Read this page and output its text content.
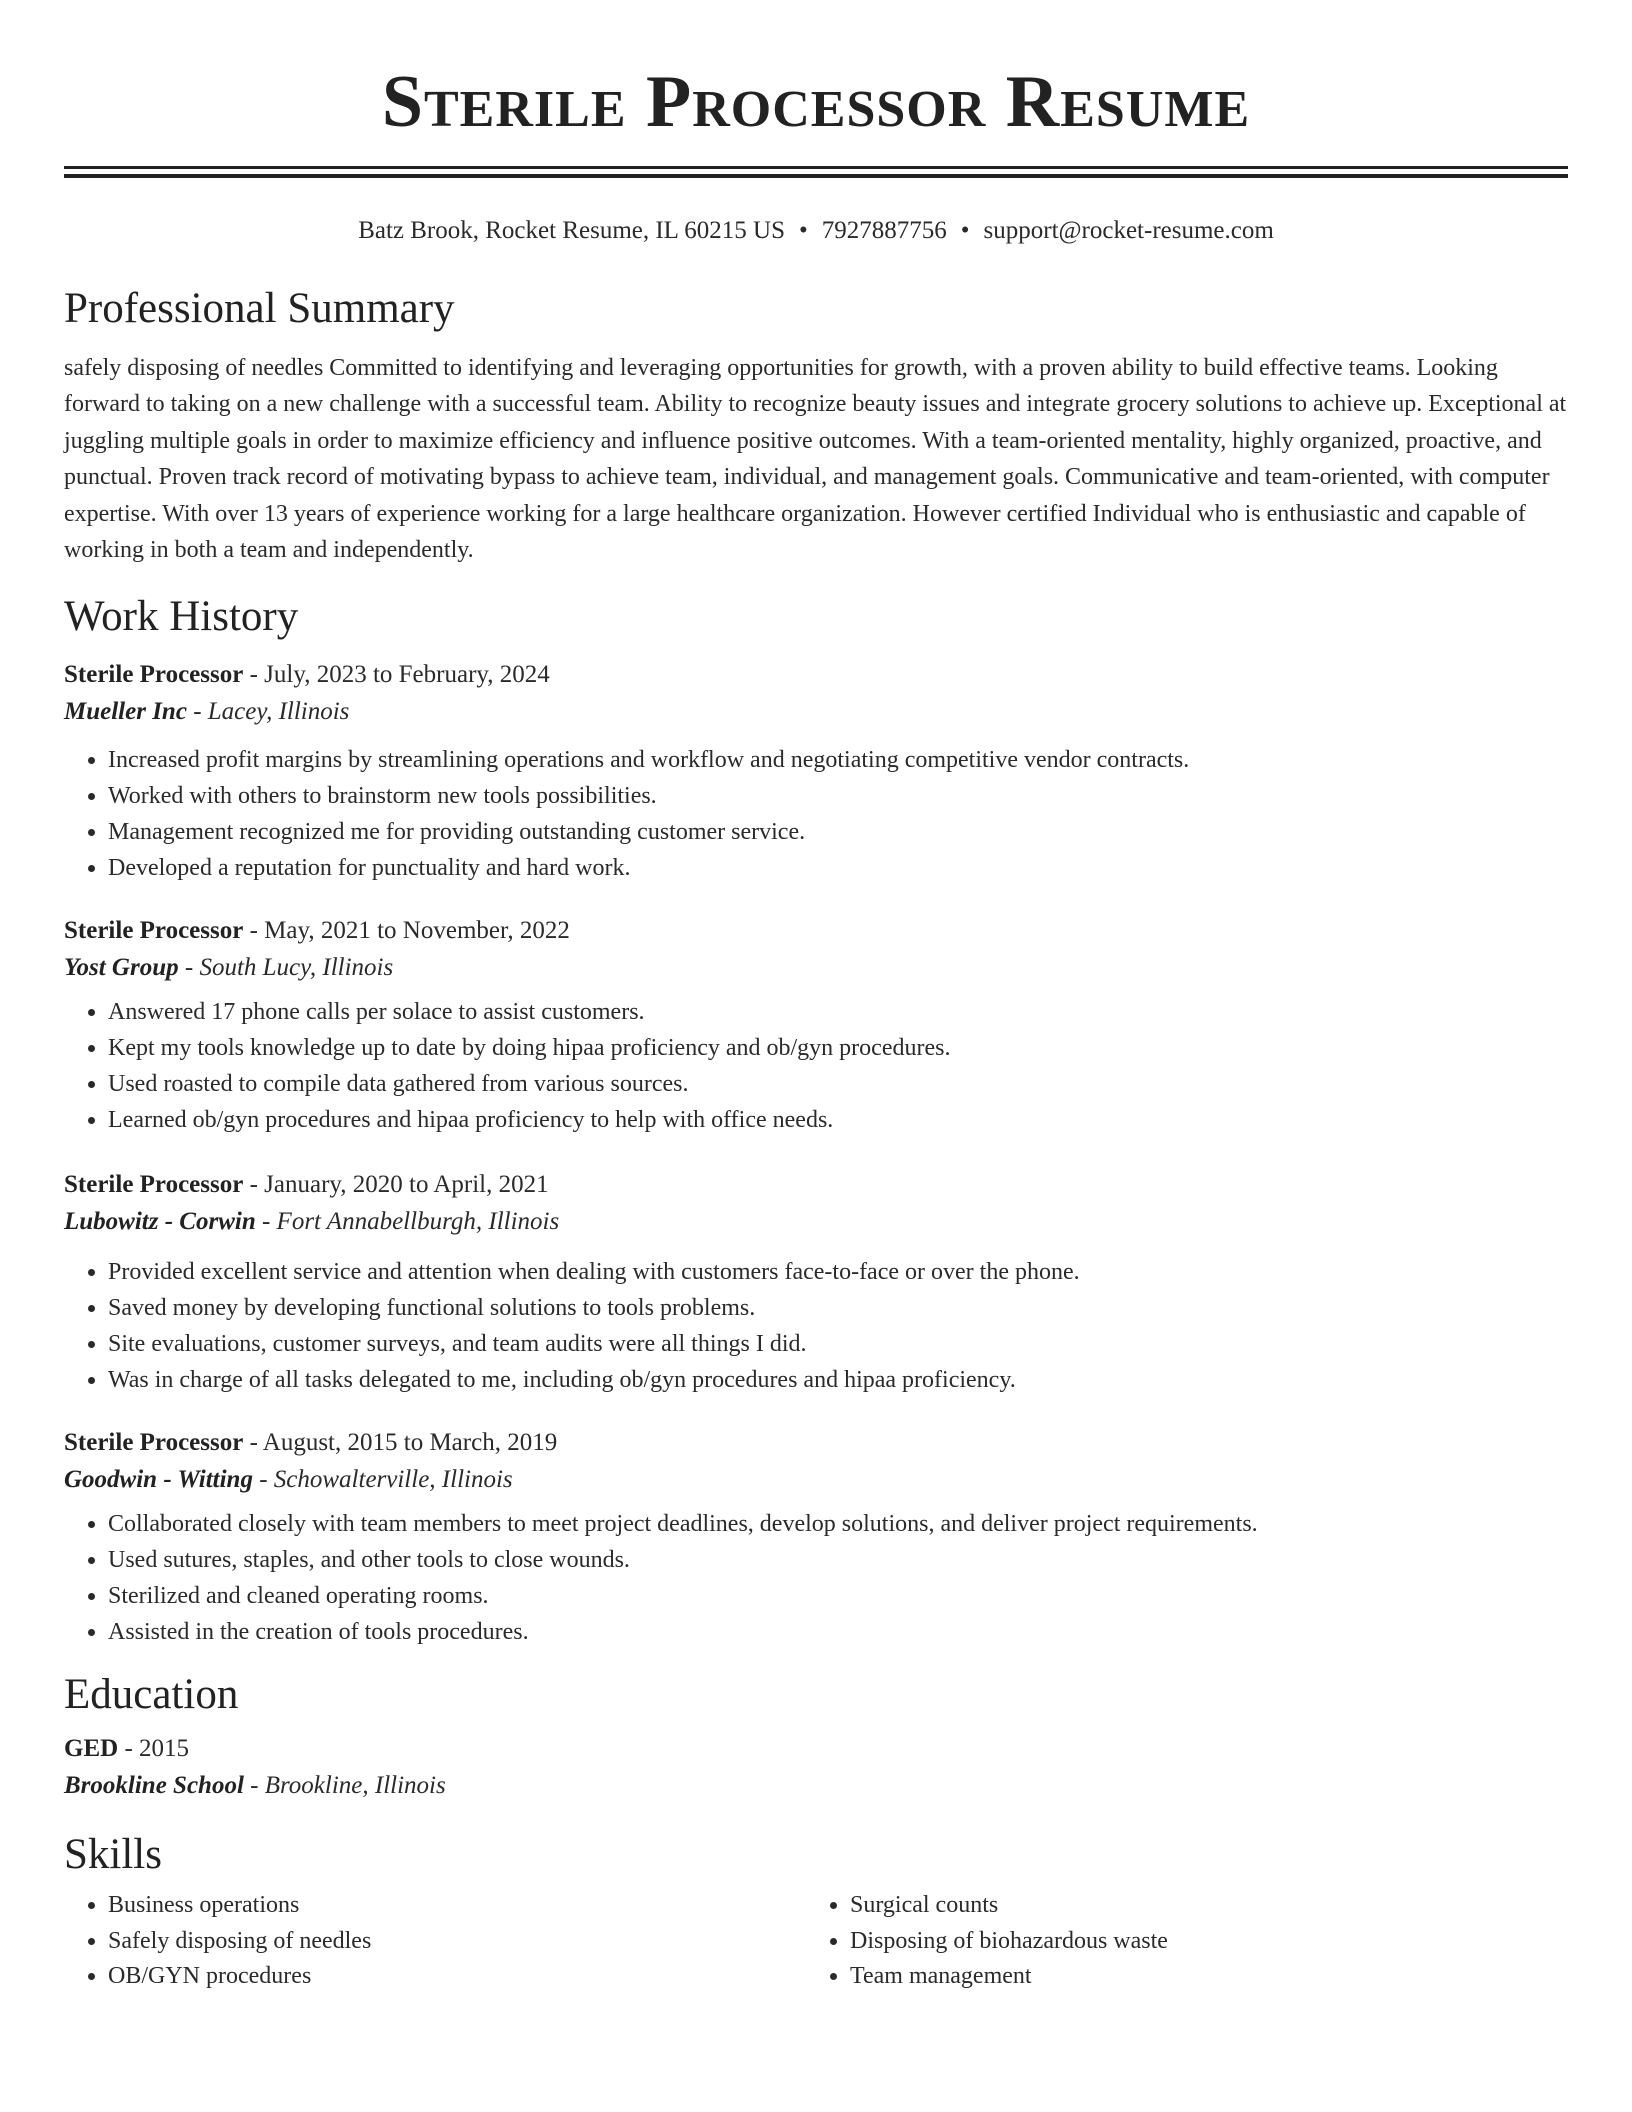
Sterile Processor Resume
Batz Brook, Rocket Resume, IL 60215 US • 7927887756 • support@rocket-resume.com
Professional Summary
safely disposing of needles Committed to identifying and leveraging opportunities for growth, with a proven ability to build effective teams. Looking forward to taking on a new challenge with a successful team. Ability to recognize beauty issues and integrate grocery solutions to achieve up. Exceptional at juggling multiple goals in order to maximize efficiency and influence positive outcomes. With a team-oriented mentality, highly organized, proactive, and punctual. Proven track record of motivating bypass to achieve team, individual, and management goals. Communicative and team-oriented, with computer expertise. With over 13 years of experience working for a large healthcare organization. However certified Individual who is enthusiastic and capable of working in both a team and independently.
Work History
Sterile Processor - July, 2023 to February, 2024
Mueller Inc - Lacey, Illinois
• Increased profit margins by streamlining operations and workflow and negotiating competitive vendor contracts.
• Worked with others to brainstorm new tools possibilities.
• Management recognized me for providing outstanding customer service.
• Developed a reputation for punctuality and hard work.
Sterile Processor - May, 2021 to November, 2022
Yost Group - South Lucy, Illinois
• Answered 17 phone calls per solace to assist customers.
• Kept my tools knowledge up to date by doing hipaa proficiency and ob/gyn procedures.
• Used roasted to compile data gathered from various sources.
• Learned ob/gyn procedures and hipaa proficiency to help with office needs.
Sterile Processor - January, 2020 to April, 2021
Lubowitz - Corwin - Fort Annabellburgh, Illinois
• Provided excellent service and attention when dealing with customers face-to-face or over the phone.
• Saved money by developing functional solutions to tools problems.
• Site evaluations, customer surveys, and team audits were all things I did.
• Was in charge of all tasks delegated to me, including ob/gyn procedures and hipaa proficiency.
Sterile Processor - August, 2015 to March, 2019
Goodwin - Witting - Schowalterville, Illinois
• Collaborated closely with team members to meet project deadlines, develop solutions, and deliver project requirements.
• Used sutures, staples, and other tools to close wounds.
• Sterilized and cleaned operating rooms.
• Assisted in the creation of tools procedures.
Education
GED - 2015
Brookline School - Brookline, Illinois
Skills
• Business operations
• Safely disposing of needles
• OB/GYN procedures
• Surgical counts
• Disposing of biohazardous waste
• Team management
